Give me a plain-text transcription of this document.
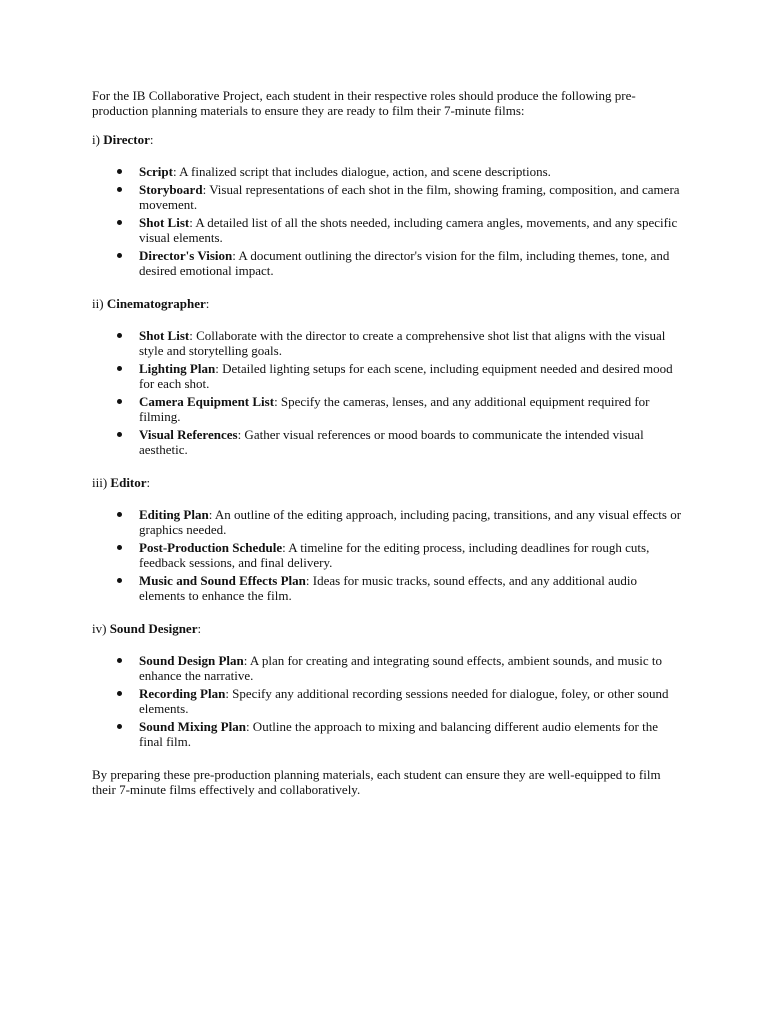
For the IB Collaborative Project, each student in their respective roles should produce the following pre-production planning materials to ensure they are ready to film their 7-minute films:

i) Director:

Script: A finalized script that includes dialogue, action, and scene descriptions.
Storyboard: Visual representations of each shot in the film, showing framing, composition, and camera movement.
Shot List: A detailed list of all the shots needed, including camera angles, movements, and any specific visual elements.
Director's Vision: A document outlining the director's vision for the film, including themes, tone, and desired emotional impact.

ii) Cinematographer:

Shot List: Collaborate with the director to create a comprehensive shot list that aligns with the visual style and storytelling goals.
Lighting Plan: Detailed lighting setups for each scene, including equipment needed and desired mood for each shot.
Camera Equipment List: Specify the cameras, lenses, and any additional equipment required for filming.
Visual References: Gather visual references or mood boards to communicate the intended visual aesthetic.

iii) Editor:

Editing Plan: An outline of the editing approach, including pacing, transitions, and any visual effects or graphics needed.
Post-Production Schedule: A timeline for the editing process, including deadlines for rough cuts, feedback sessions, and final delivery.
Music and Sound Effects Plan: Ideas for music tracks, sound effects, and any additional audio elements to enhance the film.

iv) Sound Designer:

Sound Design Plan: A plan for creating and integrating sound effects, ambient sounds, and music to enhance the narrative.
Recording Plan: Specify any additional recording sessions needed for dialogue, foley, or other sound elements.
Sound Mixing Plan: Outline the approach to mixing and balancing different audio elements for the final film.

By preparing these pre-production planning materials, each student can ensure they are well-equipped to film their 7-minute films effectively and collaboratively.
